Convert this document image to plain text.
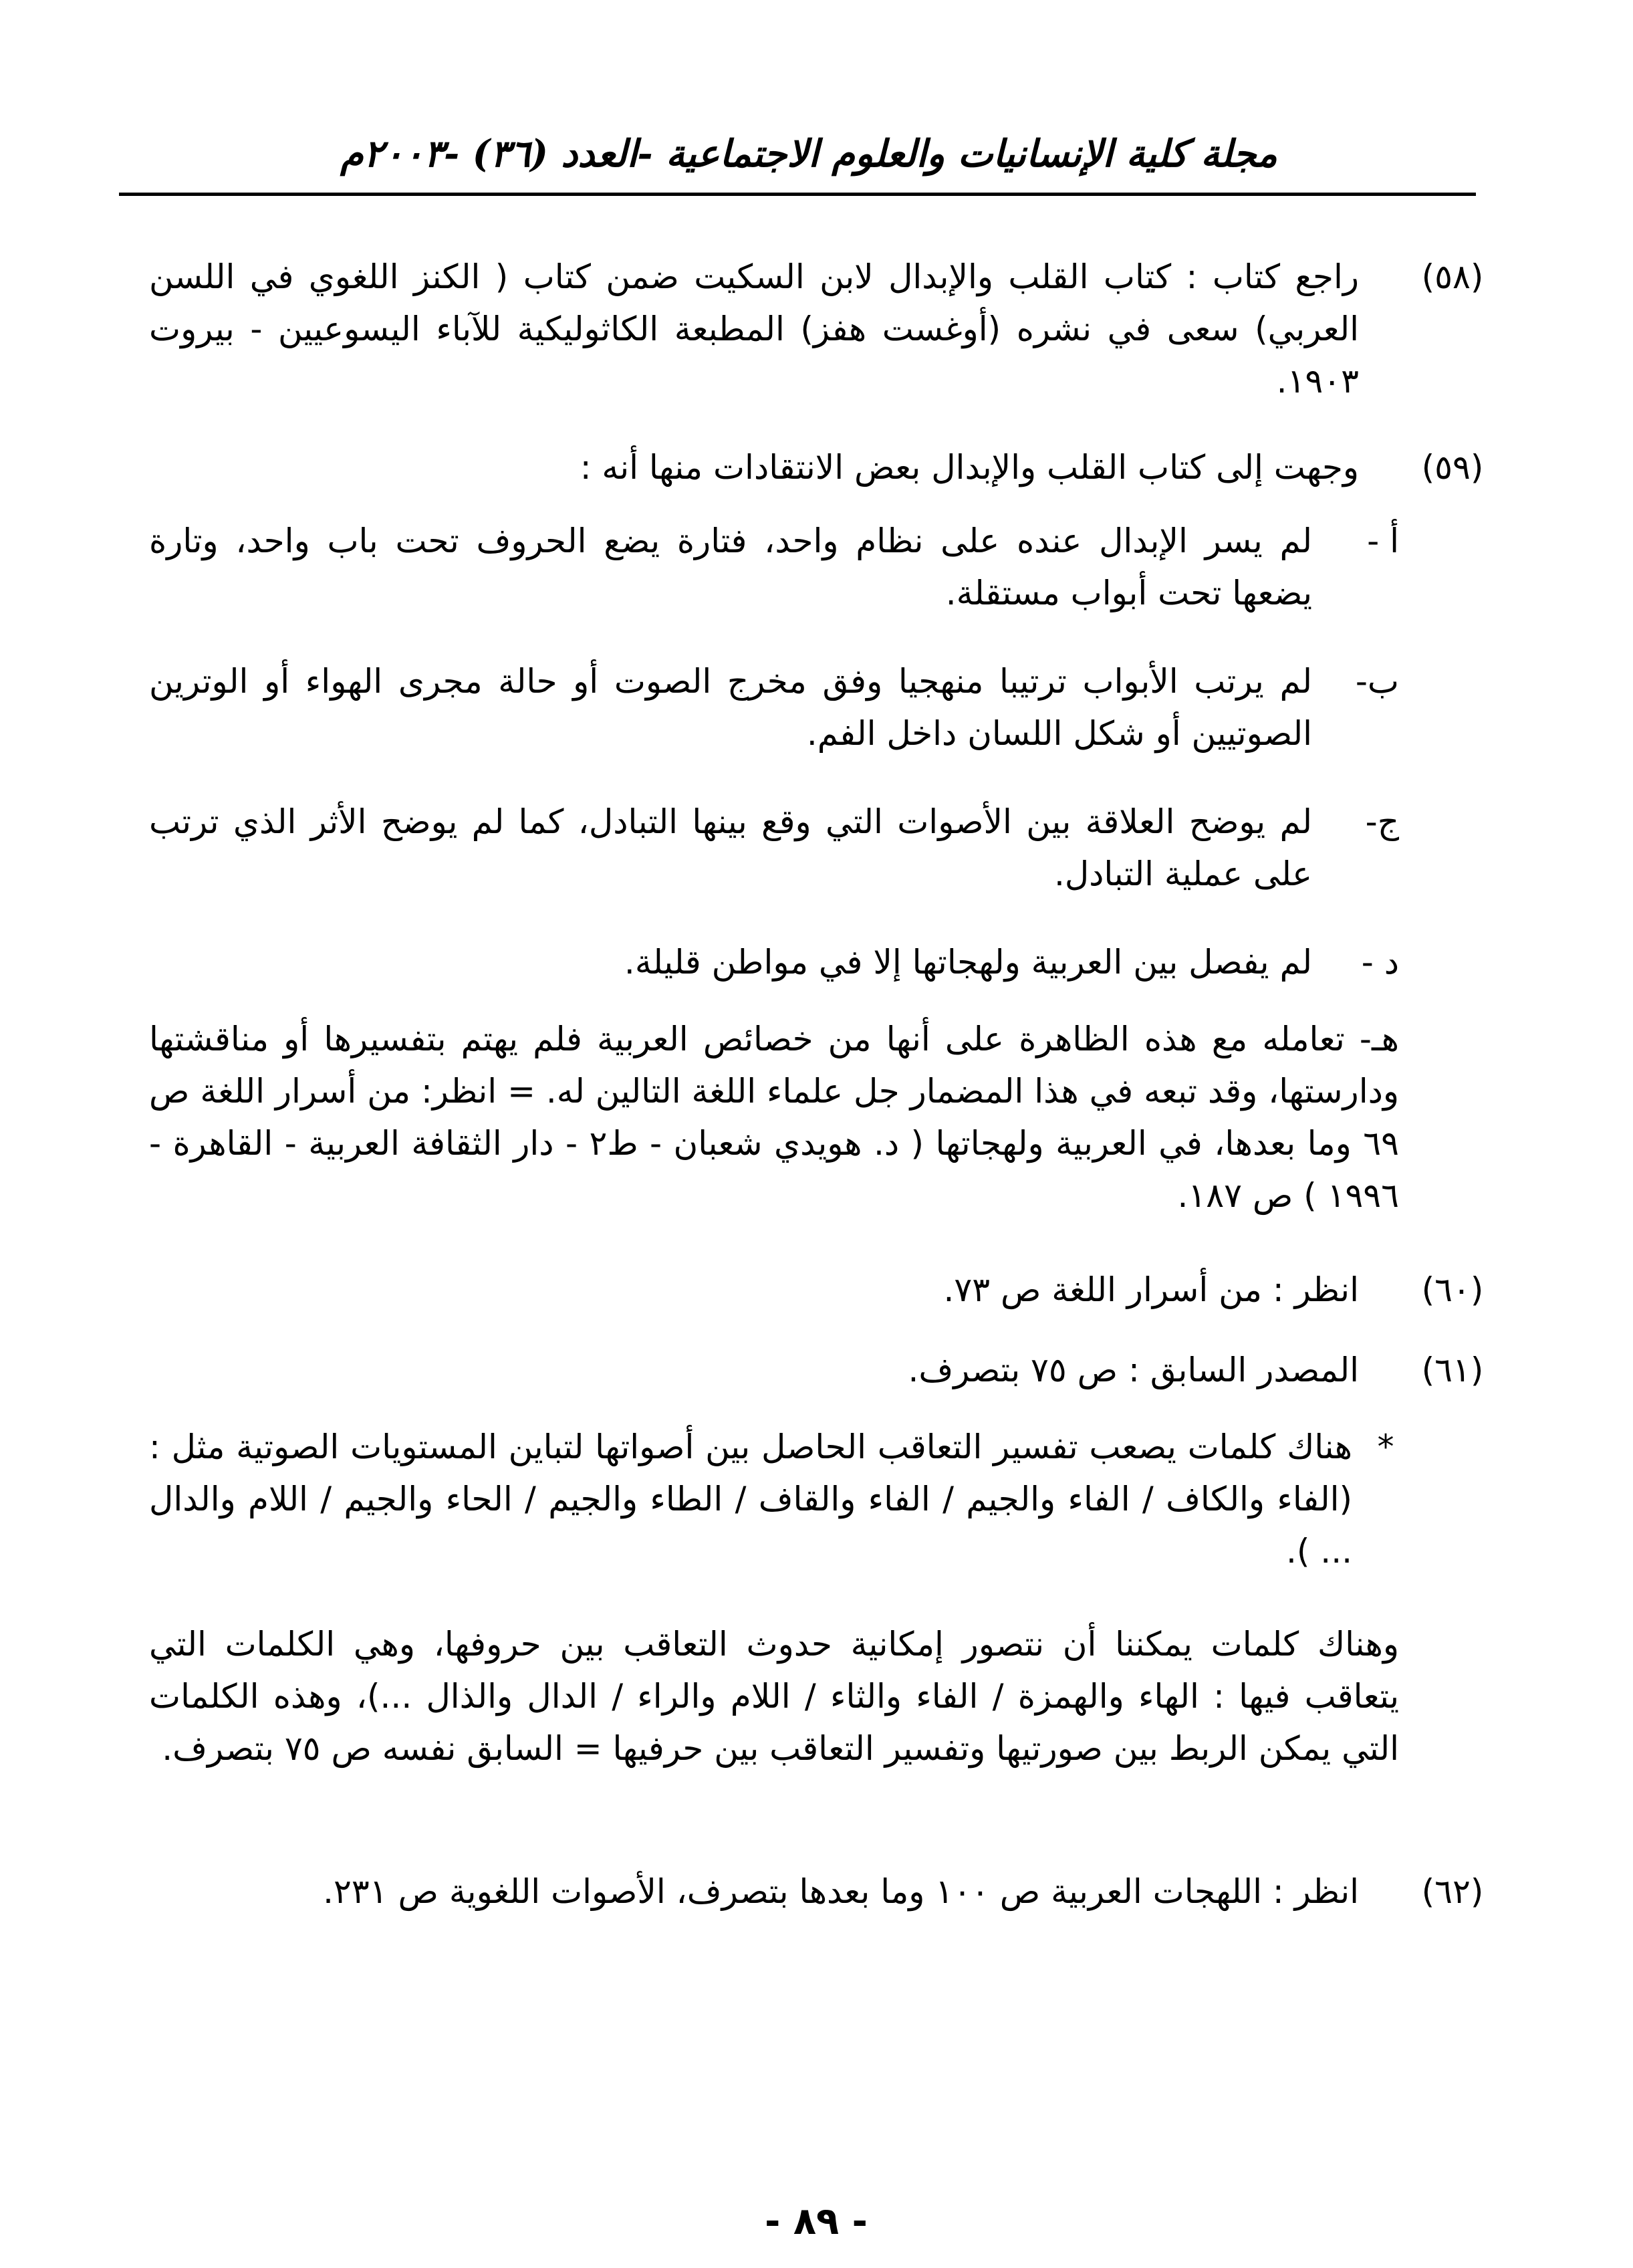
مجلة كلية الإنسانيات والعلوم الاجتماعية -العدد (٣٦) -٢٠٠٣م
(٥٨)
راجع كتاب : كتاب القلب والإبدال لابن السكيت ضمن كتاب ( الكنز اللغوي في اللسن العربي) سعى في نشره (أوغست هفز) المطبعة الكاثوليكية للآباء اليسوعيين - بيروت ١٩٠٣.
(٥٩)
وجهت إلى كتاب القلب والإبدال بعض الانتقادات منها أنه :
أ -
لم يسر الإبدال عنده على نظام واحد، فتارة يضع الحروف تحت باب واحد، وتارة يضعها تحت أبواب مستقلة.
ب-
لم يرتب الأبواب ترتيبا منهجيا وفق مخرج الصوت أو حالة مجرى الهواء أو الوترين الصوتيين أو شكل اللسان داخل الفم.
ج-
لم يوضح العلاقة بين الأصوات التي وقع بينها التبادل، كما لم يوضح الأثر الذي ترتب على عملية التبادل.
د -
لم يفصل بين العربية ولهجاتها إلا في مواطن قليلة.
هـ- تعامله مع هذه الظاهرة على أنها من خصائص العربية فلم يهتم بتفسيرها أو مناقشتها ودارستها، وقد تبعه في هذا المضمار جل علماء اللغة التالين له. = انظر: من أسرار اللغة ص ٦٩ وما بعدها، في العربية ولهجاتها ( د. هويدي شعبان - ط٢ - دار الثقافة العربية - القاهرة - ١٩٩٦ ) ص ١٨٧.
(٦٠)
انظر : من أسرار اللغة ص ٧٣.
(٦١)
المصدر السابق : ص ٧٥ بتصرف.
*
هناك كلمات يصعب تفسير التعاقب الحاصل بين أصواتها لتباين المستويات الصوتية مثل : (الفاء والكاف / الفاء والجيم / الفاء والقاف / الطاء والجيم / الحاء والجيم / اللام والدال ... ).
وهناك كلمات يمكننا أن نتصور إمكانية حدوث التعاقب بين حروفها، وهي الكلمات التي يتعاقب فيها : الهاء والهمزة / الفاء والثاء / اللام والراء / الدال والذال ...)، وهذه الكلمات التي يمكن الربط بين صورتيها وتفسير التعاقب بين حرفيها = السابق نفسه ص ٧٥ بتصرف.
(٦٢)
انظر : اللهجات العربية ص ١٠٠ وما بعدها بتصرف، الأصوات اللغوية ص ٢٣١.
- ٨٩ -
